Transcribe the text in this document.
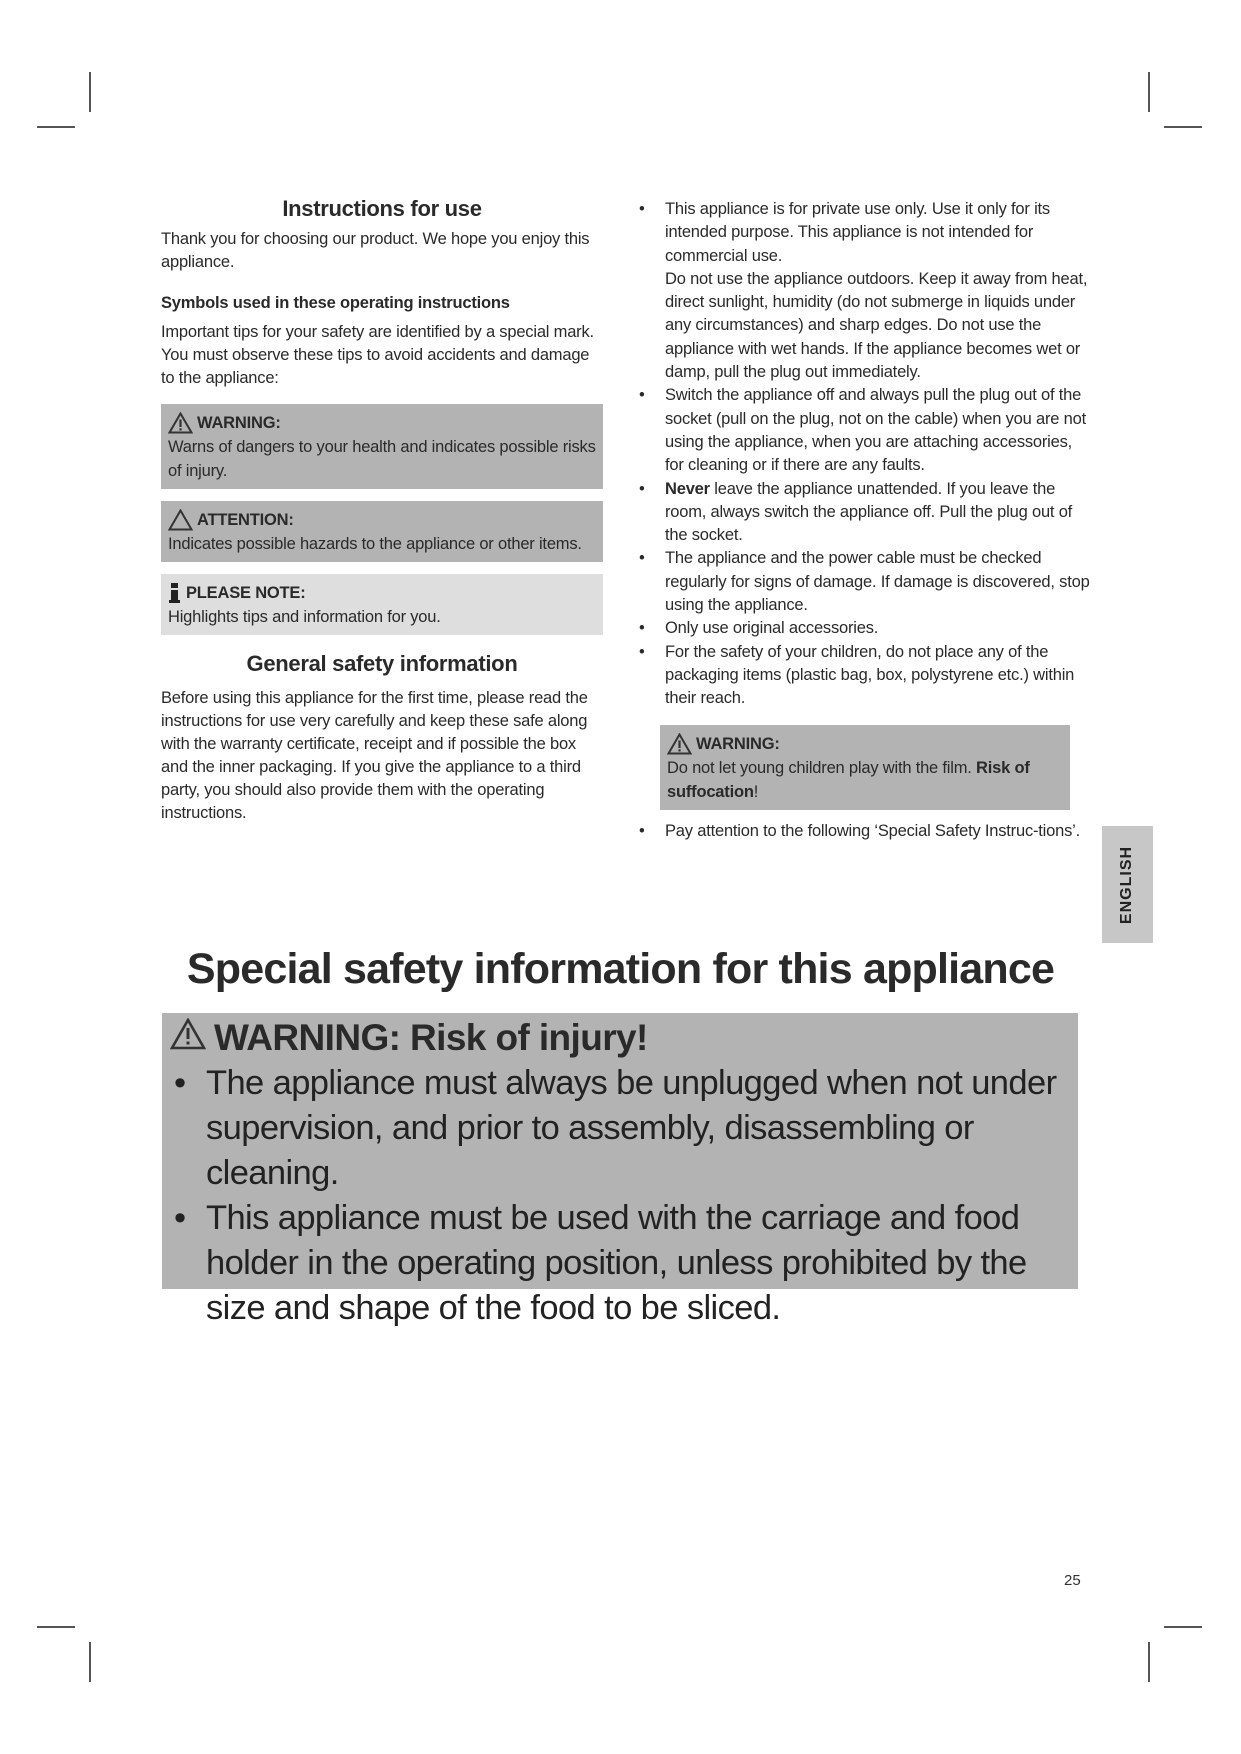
Instructions for use

Thank you for choosing our product. We hope you enjoy this appliance.

Symbols used in these operating instructions

Important tips for your safety are identified by a special mark. You must observe these tips to avoid accidents and damage to the appliance:

WARNING:
Warns of dangers to your health and indicates possible risks of injury.
ATTENTION:
Indicates possible hazards to the appliance or other items.
PLEASE NOTE:
Highlights tips and information for you.
General safety information

Before using this appliance for the first time, please read the instructions for use very carefully and keep these safe along with the warranty certificate, receipt and if possible the box and the inner packaging. If you give the appliance to a third party, you should also provide them with the operating instructions.

• This appliance is for private use only. Use it only for its intended purpose. This appliance is not intended for commercial use.
Do not use the appliance outdoors. Keep it away from heat, direct sunlight, humidity (do not submerge in liquids under any circumstances) and sharp edges. Do not use the appliance with wet hands. If the appliance becomes wet or damp, pull the plug out immediately.
• Switch the appliance off and always pull the plug out of the socket (pull on the plug, not on the cable) when you are not using the appliance, when you are attaching accessories, for cleaning or if there are any faults.
• Never leave the appliance unattended. If you leave the room, always switch the appliance off. Pull the plug out of the socket.
• The appliance and the power cable must be checked regularly for signs of damage. If damage is discovered, stop using the appliance.
• Only use original accessories.
• For the safety of your children, do not place any of the packaging items (plastic bag, box, polystyrene etc.) within their reach.
WARNING:
Do not let young children play with the film. Risk of suffocation!
• Pay attention to the following ‘Special Safety Instruc-tions’.
ENGLISH
Special safety information for this appliance
WARNING: Risk of injury!
• The appliance must always be unplugged when not under supervision, and prior to assembly, disassembling or cleaning.
• This appliance must be used with the carriage and food holder in the operating position, unless prohibited by the size and shape of the food to be sliced.
25
